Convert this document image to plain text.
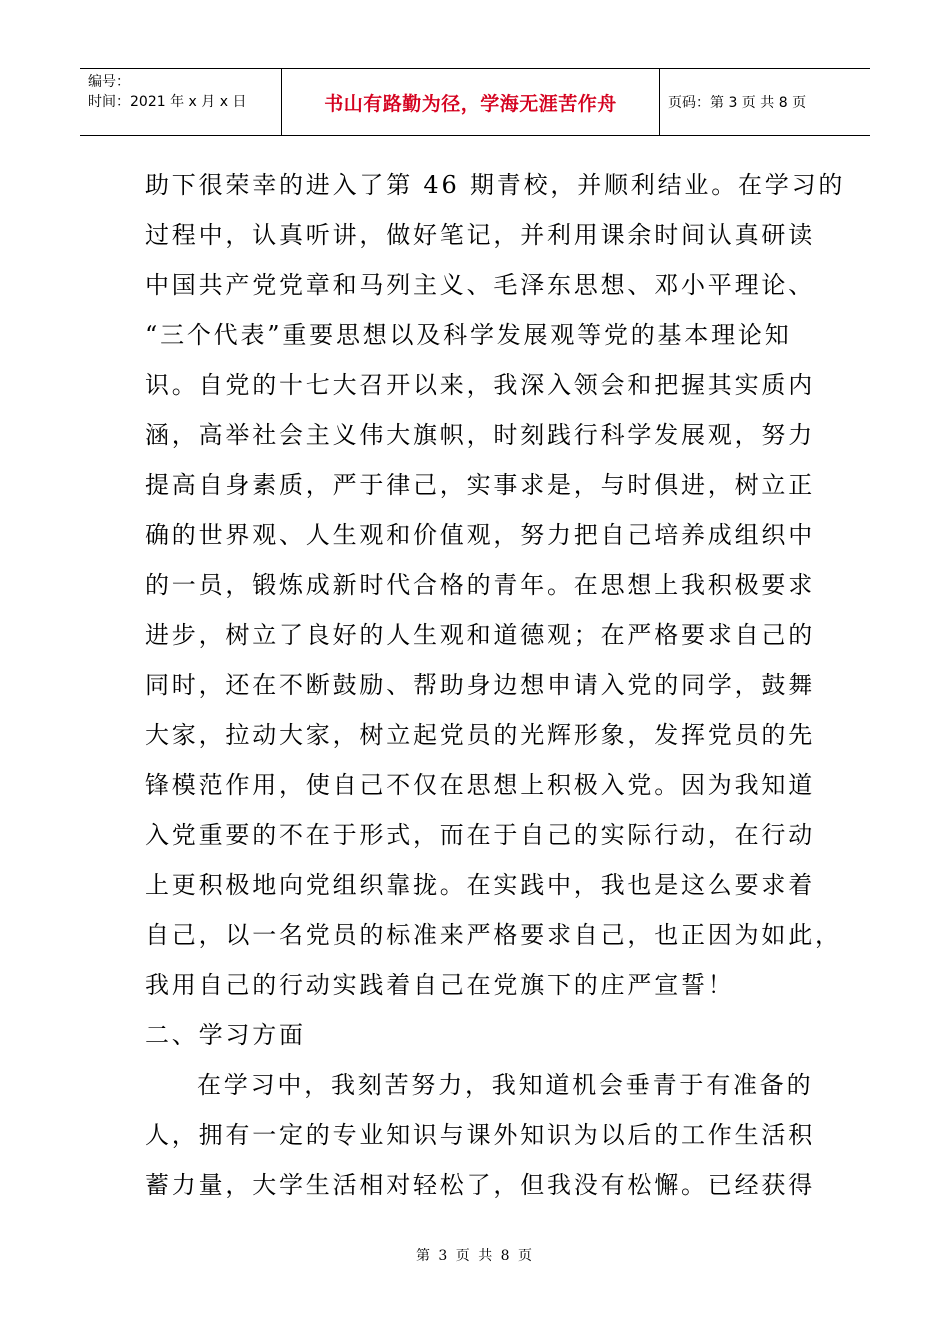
编号：
时间：2021 年 x 月 x 日	书山有路勤为径，学海无涯苦作舟	页码：第 3 页 共 8 页

助下很荣幸的进入了第 46 期青校，并顺利结业。在学习的

过程中，认真听讲，做好笔记，并利用课余时间认真研读

中国共产党党章和马列主义、毛泽东思想、邓小平理论、

“三个代表”重要思想以及科学发展观等党的基本理论知

识。自党的十七大召开以来，我深入领会和把握其实质内

涵，高举社会主义伟大旗帜，时刻践行科学发展观，努力

提高自身素质，严于律己，实事求是，与时俱进，树立正

确的世界观、人生观和价值观，努力把自己培养成组织中

的一员，锻炼成新时代合格的青年。在思想上我积极要求

进步，树立了良好的人生观和道德观；在严格要求自己的

同时，还在不断鼓励、帮助身边想申请入党的同学，鼓舞

大家，拉动大家，树立起党员的光辉形象，发挥党员的先

锋模范作用，使自己不仅在思想上积极入党。因为我知道

入党重要的不在于形式，而在于自己的实际行动，在行动

上更积极地向党组织靠拢。在实践中，我也是这么要求着

自己，以一名党员的标准来严格要求自己，也正因为如此，

我用自己的行动实践着自己在党旗下的庄严宣誓！

二、学习方面

在学习中，我刻苦努力，我知道机会垂青于有准备的

人，拥有一定的专业知识与课外知识为以后的工作生活积

蓄力量，大学生活相对轻松了，但我没有松懈。已经获得

第 3 页 共 8 页
